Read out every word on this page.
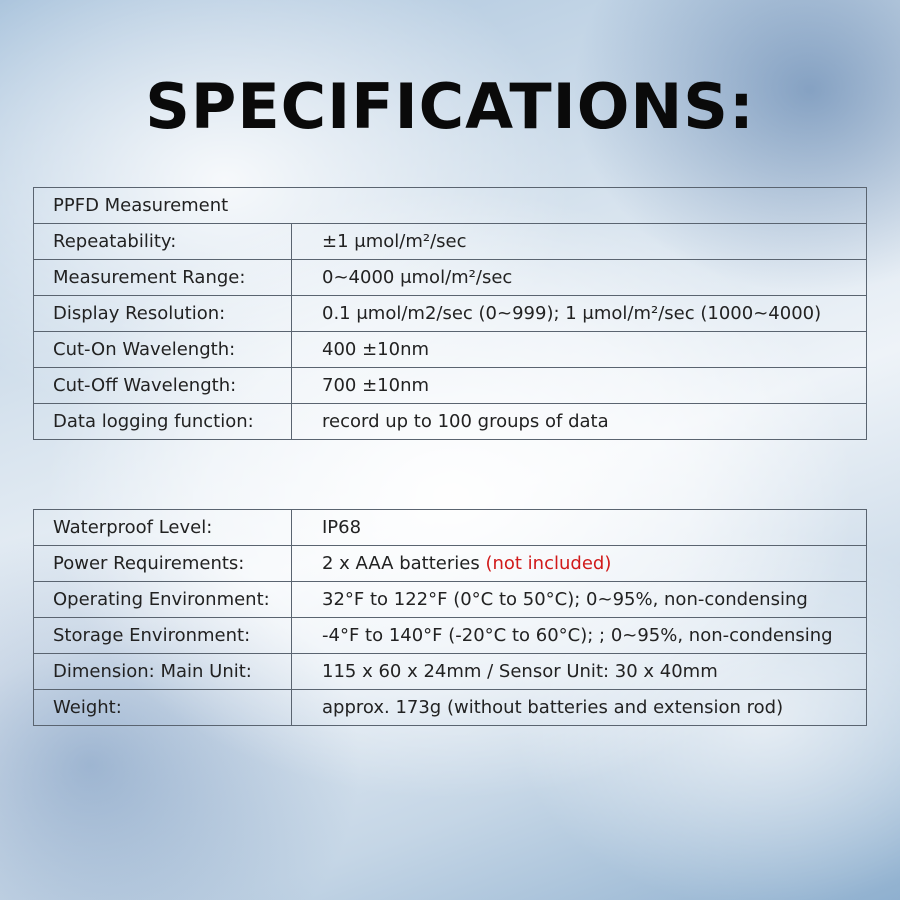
SPECIFICATIONS:
PPFD Measurement	
Repeatability:	±1 μmol/m²/sec
Measurement Range:	0~4000 μmol/m²/sec
Display Resolution:	0.1 μmol/m2/sec (0~999); 1 μmol/m²/sec (1000~4000)
Cut-On Wavelength:	400 ±10nm
Cut-Off Wavelength:	700 ±10nm
Data logging function:	record up to 100 groups of data
Waterproof Level:	IP68
Power Requirements:	2 x AAA batteries (not included)
Operating Environment:	32°F to 122°F (0°C to 50°C); 0~95%, non-condensing
Storage Environment:	-4°F to 140°F (-20°C to 60°C); ; 0~95%, non-condensing
Dimension: Main Unit:	115 x 60 x 24mm / Sensor Unit: 30 x 40mm
Weight:	approx. 173g (without batteries and extension rod)
